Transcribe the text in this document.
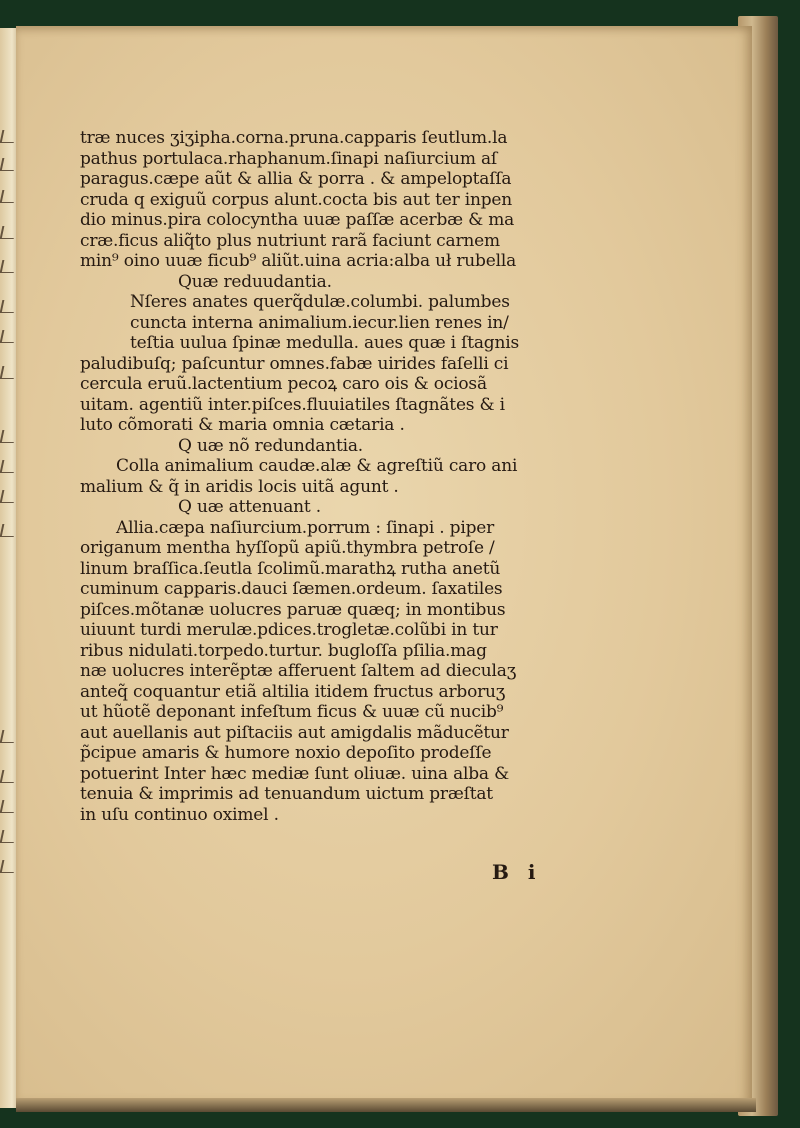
træ nuces ʒiʒipha.corna.pruna.capparis ſeutlum.la
pathus portulaca.rhaphanum.ſinapi naſiurcium aſ
paragus.cæpe aũt & allia & porra . & ampeloptaſſa
cruda q exiguũ corpus alunt.cocta bis aut ter inpen
dio minus.pira colocyntha uuæ paſſæ acerbæ & ma
cræ.ficus aliq̃to plus nutriunt rarã faciunt carnem
min⁹ oino uuæ ficub⁹ aliũt.uina acria:alba uł rubella
Quæ reduudantia.
Nſeres anates querq̃dulæ.columbi. palumbes
cuncta interna animalium.iecur.lien renes in/
teſtia uulua ſpinæ medulla. aues quæ i ſtagnis
paludibuſq; paſcuntur omnes.fabæ uirides faſelli ci
cercula eruũ.lactentium pecoꝝ caro ois & ociosã
uitam. agentiũ inter.piſces.fluuiatiles ſtagnãtes & i
luto cõmorati & maria omnia cætaria .
Q uæ nõ redundantia.
Colla animalium caudæ.alæ & agreſtiũ caro ani
malium & q̃ in aridis locis uitã agunt .
Q uæ attenuant .
Allia.cæpa naſiurcium.porrum : ſinapi . piper
origanum mentha hyſſopũ apiũ.thymbra petroſe /
linum braſſica.ſeutla ſcolimũ.marathꝝ rutha anetũ
cuminum capparis.dauci ſæmen.ordeum. ſaxatiles
piſces.mõtanæ uolucres paruæ quæq; in montibus
uiuunt turdi merulæ.pdices.trogletæ.colũbi in tur
ribus nidulati.torpedo.turtur. bugloſſa pſilia.mag
næ uolucres interẽptæ afferuent ſaltem ad dieculaʒ
anteq̃ coquantur etiã altilia itidem fructus arboruʒ
ut hũotẽ deponant infeſtum ficus & uuæ cũ nucib⁹
aut auellanis aut piſtaciis aut amigdalis mãducẽtur
p̃cipue amaris & humore noxio depoſito prodeſſe
potuerint Inter hæc mediæ ſunt oliuæ. uina alba &
tenuia & imprimis ad tenuandum uictum præſtat
in uſu continuo oximel .
B i
